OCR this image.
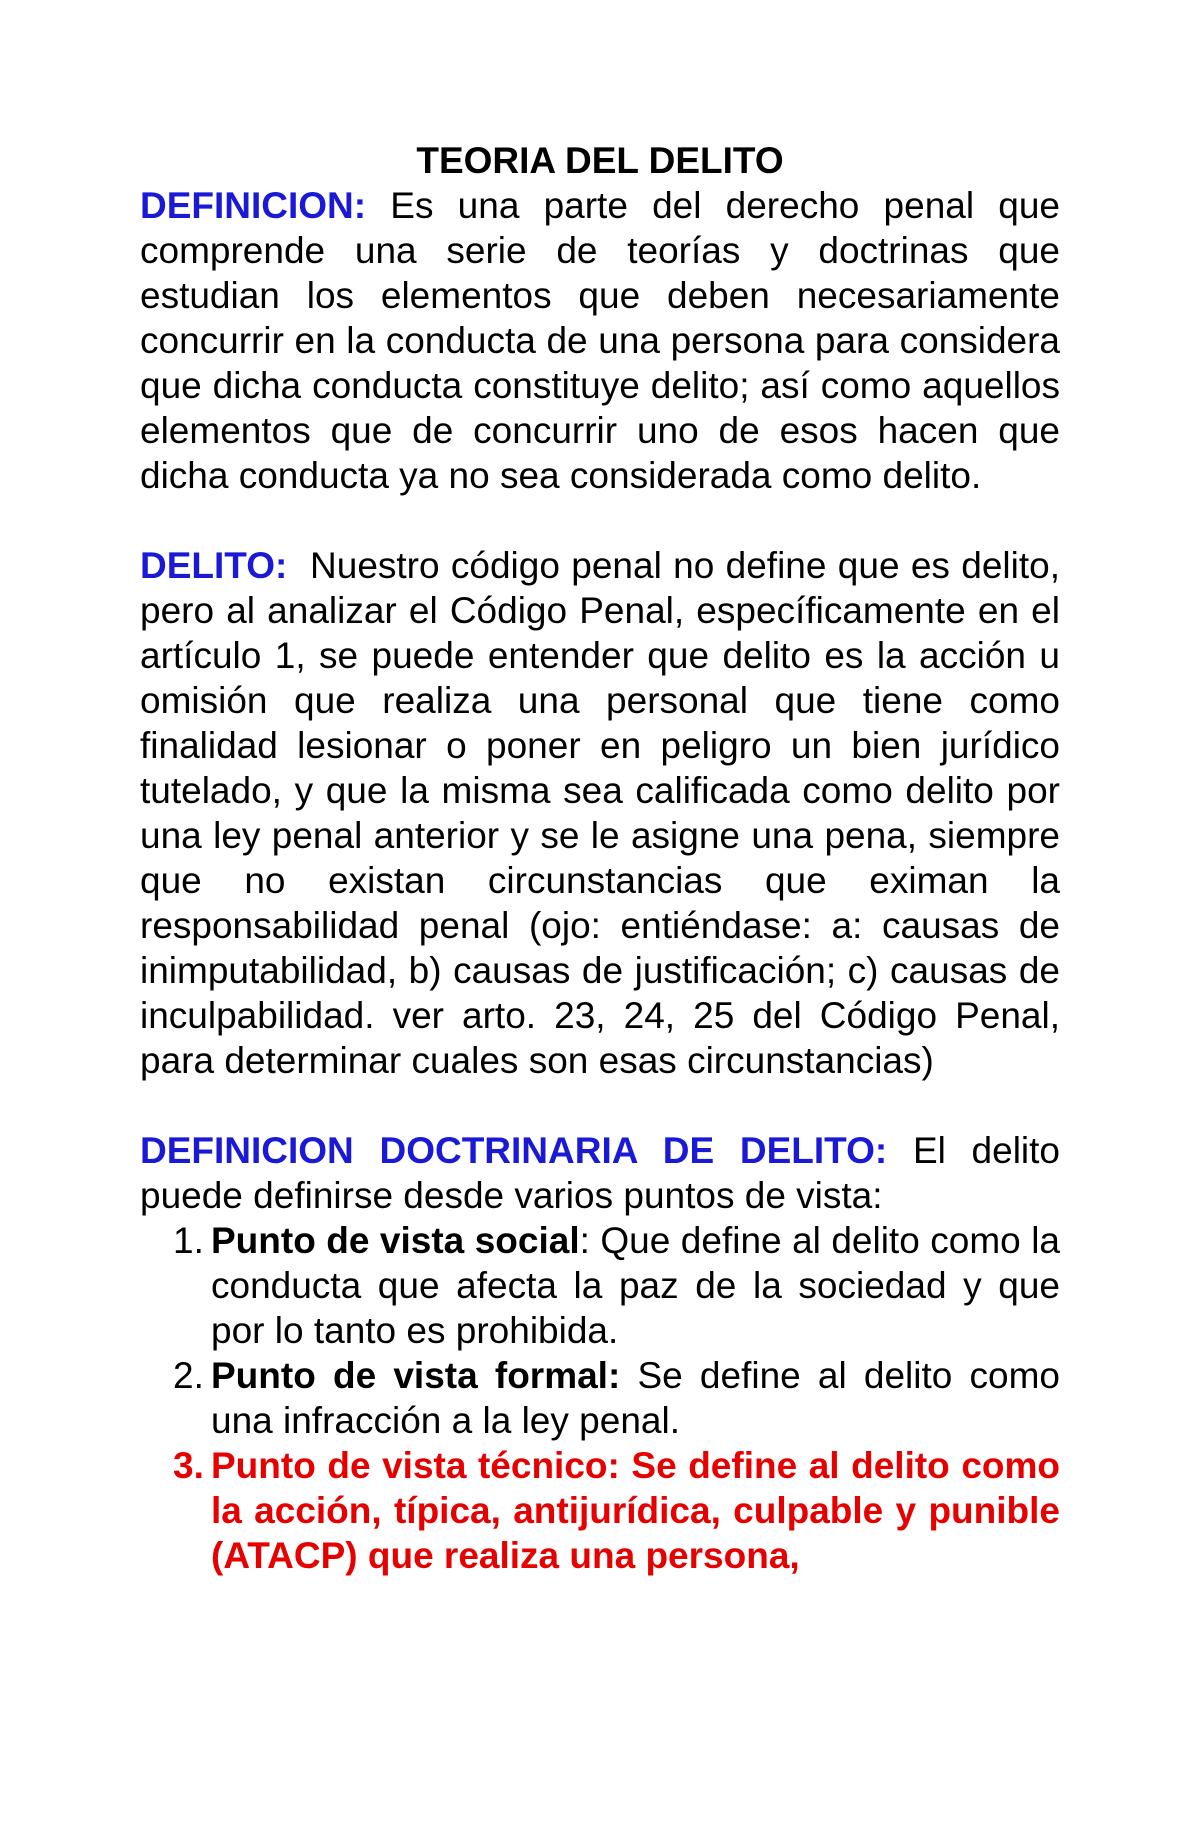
TEORIA DEL DELITO

DEFINICION: Es una parte del derecho penal que comprende una serie de teorías y doctrinas que estudian los elementos que deben necesariamente concurrir en la conducta de una persona para considera que dicha conducta constituye delito; así como aquellos elementos que de concurrir uno de esos hacen que dicha conducta ya no sea considerada como delito.

DELITO: Nuestro código penal no define que es delito, pero al analizar el Código Penal, específicamente en el artículo 1, se puede entender que delito es la acción u omisión que realiza una personal que tiene como finalidad lesionar o poner en peligro un bien jurídico tutelado, y que la misma sea calificada como delito por una ley penal anterior y se le asigne una pena, siempre que no existan circunstancias que eximan la responsabilidad penal (ojo: entiéndase: a: causas de inimputabilidad, b) causas de justificación; c) causas de inculpabilidad. ver arto. 23, 24, 25 del Código Penal, para determinar cuales son esas circunstancias)

DEFINICION DOCTRINARIA DE DELITO: El delito puede definirse desde varios puntos de vista:

1. Punto de vista social: Que define al delito como la conducta que afecta la paz de la sociedad y que por lo tanto es prohibida.
2. Punto de vista formal: Se define al delito como una infracción a la ley penal.
3. Punto de vista técnico: Se define al delito como la acción, típica, antijurídica, culpable y punible (ATACP) que realiza una persona,
